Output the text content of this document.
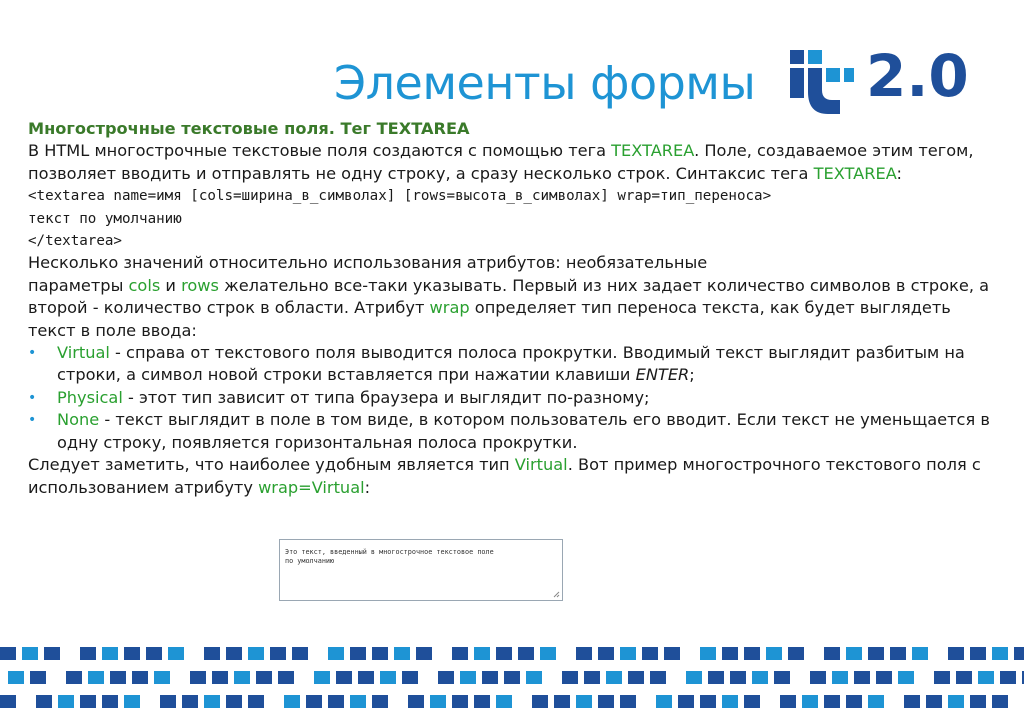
Элементы формы 2.0

Многострочные текстовые поля. Тег TEXTAREA

В HTML многострочные текстовые поля создаются с помощью тега TEXTAREA. Поле, создаваемое этим тегом, позволяет вводить и отправлять не одну строку, а сразу несколько строк. Синтаксис тега TEXTAREA:

<textarea name=имя [cols=ширина_в_символах] [rows=высота_в_символах] wrap=тип_переноса>

текст по умолчанию

</textarea>

Несколько значений относительно использования атрибутов: необязательные
параметры cols и rows желательно все-таки указывать. Первый из них задает количество символов в строке, а второй - количество строк в области. Атрибут wrap определяет тип переноса текста, как будет выглядеть текст в поле ввода:

• Virtual - справа от текстового поля выводится полоса прокрутки. Вводимый текст выглядит разбитым на строки, а символ новой строки вставляется при нажатии клавиши ENTER;
• Physical - этот тип зависит от типа браузера и выглядит по-разному;
• None - текст выглядит в поле в том виде, в котором пользователь его вводит. Если текст не уменьщается в одну строку, появляется горизонтальная полоса прокрутки.

Следует заметить, что наиболее удобным является тип Virtual. Вот пример многострочного текстового поля с использованием атрибуту wrap=Virtual:

Это текст, введенный в многострочное текстовое поле
по умолчанию
